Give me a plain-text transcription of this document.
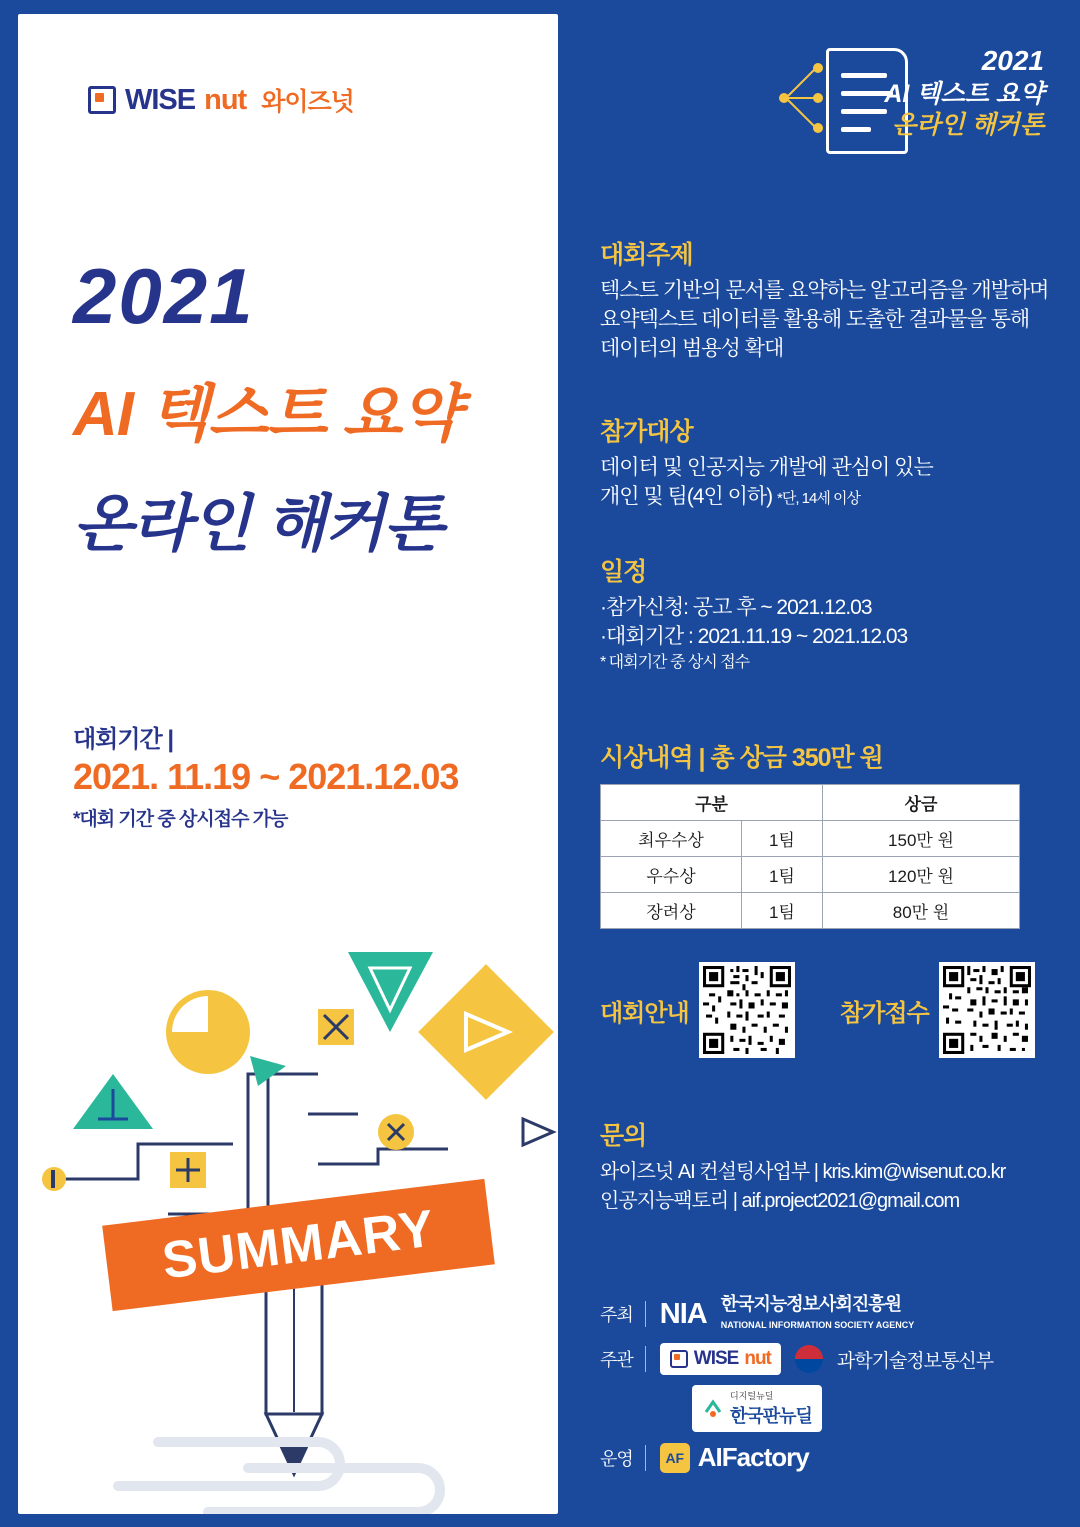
WISE nut 와이즈넛
2021
AI 텍스트 요약
온라인 해커톤
대회기간 |
2021. 11.19 ~ 2021.12.03
*대회 기간 중 상시접수 가능
SUMMARY
2021
AI 텍스트 요약
온라인 해커톤
대회주제

텍스트 기반의 문서를 요약하는 알고리즘을 개발하며 요약텍스트 데이터를 활용해 도출한 결과물을 통해 데이터의 범용성 확대

참가대상

데이터 및 인공지능 개발에 관심이 있는

개인 및 팀(4인 이하) *단, 14세 이상

일정

·참가신청: 공고 후 ~ 2021.12.03

·대회기간 : 2021.11.19 ~ 2021.12.03

* 대회기간 중 상시 접수

시상내역 | 총 상금 350만 원
구분		상금
최우수상	1팀	150만 원
우수상	1팀	120만 원
장려상	1팀	80만 원
대회안내	참가접수
문의

와이즈넛 AI 컨설팅사업부 | kris.kim@wisenut.co.kr

인공지능팩토리 | aif.project2021@gmail.com

주최 NIA 한국지능정보사회진흥원
NATIONAL INFORMATION SOCIETY AGENCY
주관	WISE nut	과학기술정보통신부
디지털뉴딜
한국판뉴딜
운영	AF AIFactory
